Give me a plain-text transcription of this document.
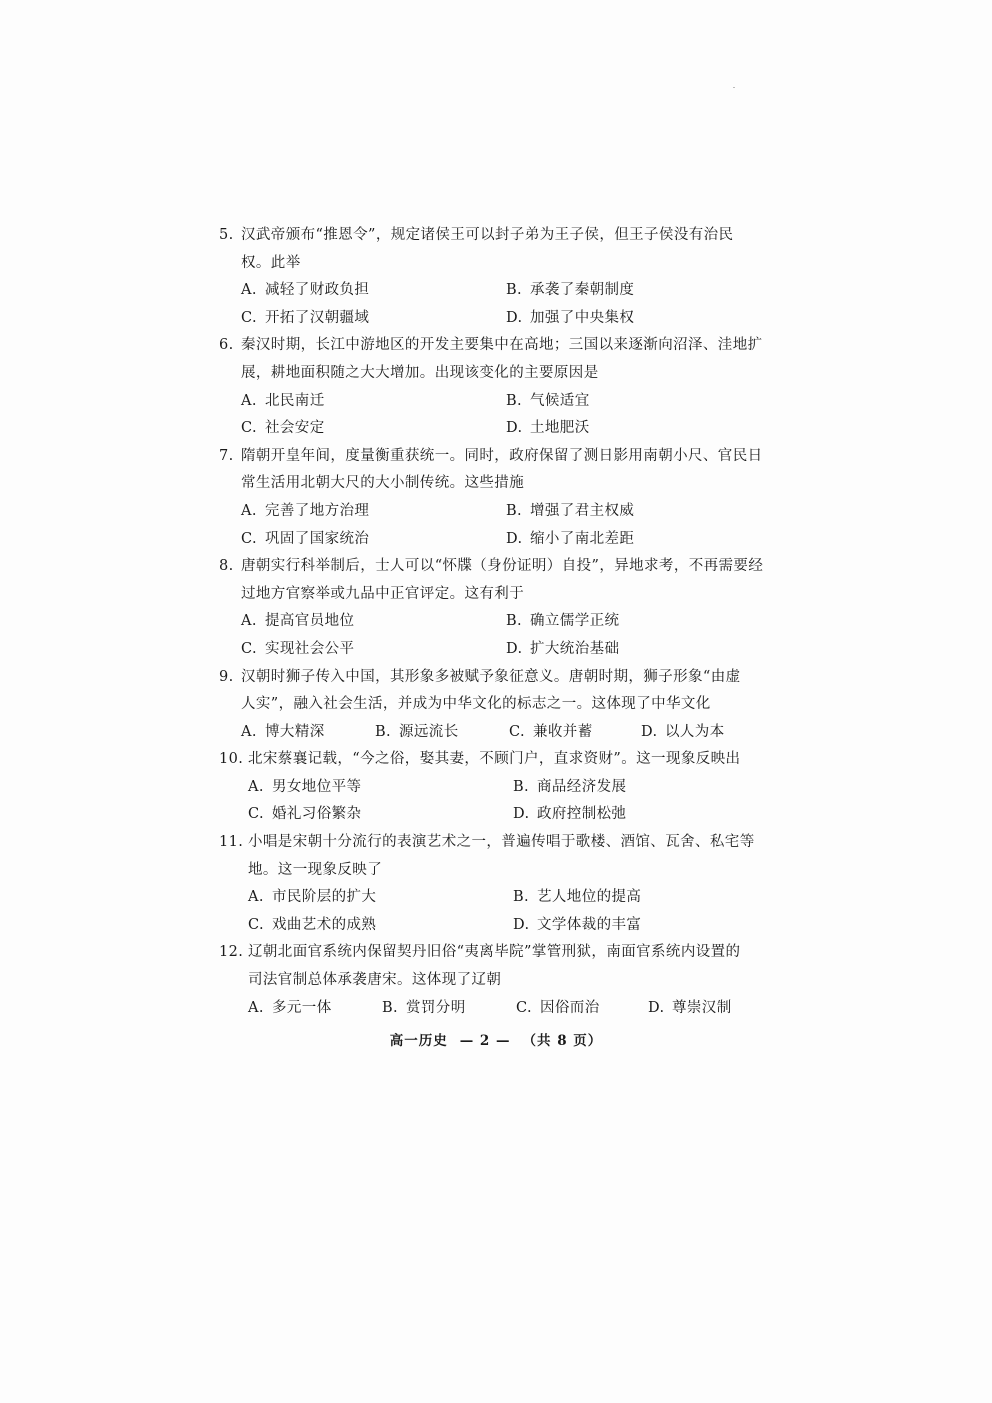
5. 汉武帝颁布“推恩令”，规定诸侯王可以封子弟为王子侯，但王子侯没有治民
权。此举
A. 减轻了财政负担	B. 承袭了秦朝制度
C. 开拓了汉朝疆域	D. 加强了中央集权
6. 秦汉时期，长江中游地区的开发主要集中在高地；三国以来逐渐向沼泽、洼地扩
展，耕地面积随之大大增加。出现该变化的主要原因是
A. 北民南迁	B. 气候适宜
C. 社会安定	D. 土地肥沃
7. 隋朝开皇年间，度量衡重获统一。同时，政府保留了测日影用南朝小尺、官民日
常生活用北朝大尺的大小制传统。这些措施
A. 完善了地方治理	B. 增强了君主权威
C. 巩固了国家统治	D. 缩小了南北差距
8. 唐朝实行科举制后，士人可以“怀牒（身份证明）自投”，异地求考，不再需要经
过地方官察举或九品中正官评定。这有利于
A. 提高官员地位	B. 确立儒学正统
C. 实现社会公平	D. 扩大统治基础
9. 汉朝时狮子传入中国，其形象多被赋予象征意义。唐朝时期，狮子形象“由虚
人实”，融入社会生活，并成为中华文化的标志之一。这体现了中华文化
A. 博大精深	B. 源远流长	C. 兼收并蓄	D. 以人为本
10. 北宋蔡襄记载，“今之俗，娶其妻，不顾门户，直求资财”。这一现象反映出
A. 男女地位平等	B. 商品经济发展
C. 婚礼习俗繁杂	D. 政府控制松弛
11. 小唱是宋朝十分流行的表演艺术之一，普遍传唱于歌楼、酒馆、瓦舍、私宅等
地。这一现象反映了
A. 市民阶层的扩大	B. 艺人地位的提高
C. 戏曲艺术的成熟	D. 文学体裁的丰富
12. 辽朝北面官系统内保留契丹旧俗“夷离毕院”掌管刑狱，南面官系统内设置的
司法官制总体承袭唐宋。这体现了辽朝
A. 多元一体	B. 赏罚分明	C. 因俗而治	D. 尊崇汉制
高一历史 — 2 — （共 8 页）
